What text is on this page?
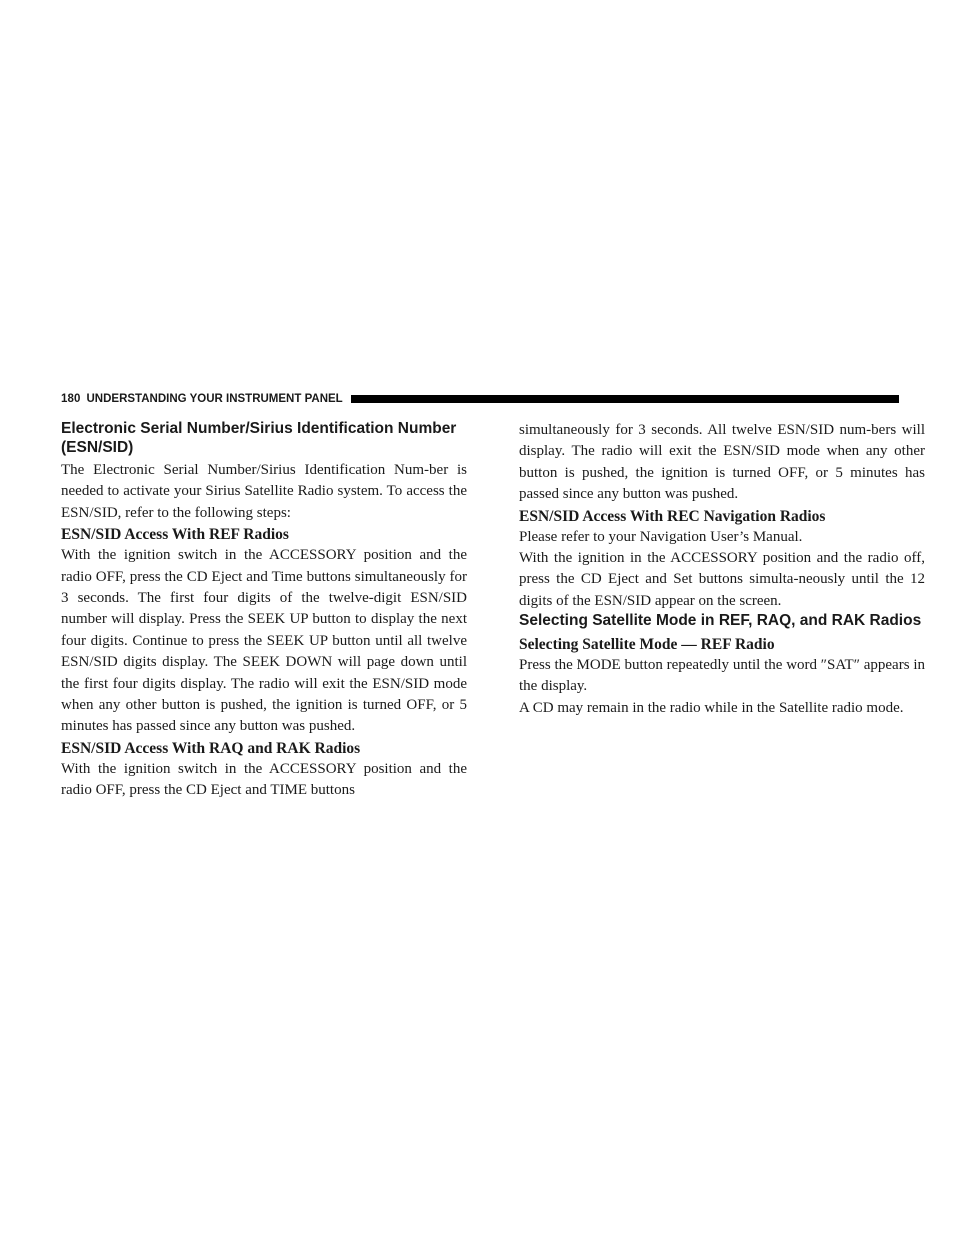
180 UNDERSTANDING YOUR INSTRUMENT PANEL
Electronic Serial Number/Sirius Identification Number (ESN/SID)

The Electronic Serial Number/Sirius Identification Num-ber is needed to activate your Sirius Satellite Radio system. To access the ESN/SID, refer to the following steps:

ESN/SID Access With REF Radios

With the ignition switch in the ACCESSORY position and the radio OFF, press the CD Eject and Time buttons simultaneously for 3 seconds. The first four digits of the twelve-digit ESN/SID number will display. Press the SEEK UP button to display the next four digits. Continue to press the SEEK UP button until all twelve ESN/SID digits display. The SEEK DOWN will page down until the first four digits display. The radio will exit the ESN/SID mode when any other button is pushed, the ignition is turned OFF, or 5 minutes has passed since any button was pushed.

ESN/SID Access With RAQ and RAK Radios

With the ignition switch in the ACCESSORY position and the radio OFF, press the CD Eject and TIME buttons

simultaneously for 3 seconds. All twelve ESN/SID num-bers will display. The radio will exit the ESN/SID mode when any other button is pushed, the ignition is turned OFF, or 5 minutes has passed since any button was pushed.

ESN/SID Access With REC Navigation Radios

Please refer to your Navigation User’s Manual.

With the ignition in the ACCESSORY position and the radio off, press the CD Eject and Set buttons simulta-neously until the 12 digits of the ESN/SID appear on the screen.

Selecting Satellite Mode in REF, RAQ, and RAK Radios
Selecting Satellite Mode — REF Radio

Press the MODE button repeatedly until the word ″SAT″ appears in the display.

A CD may remain in the radio while in the Satellite radio mode.
